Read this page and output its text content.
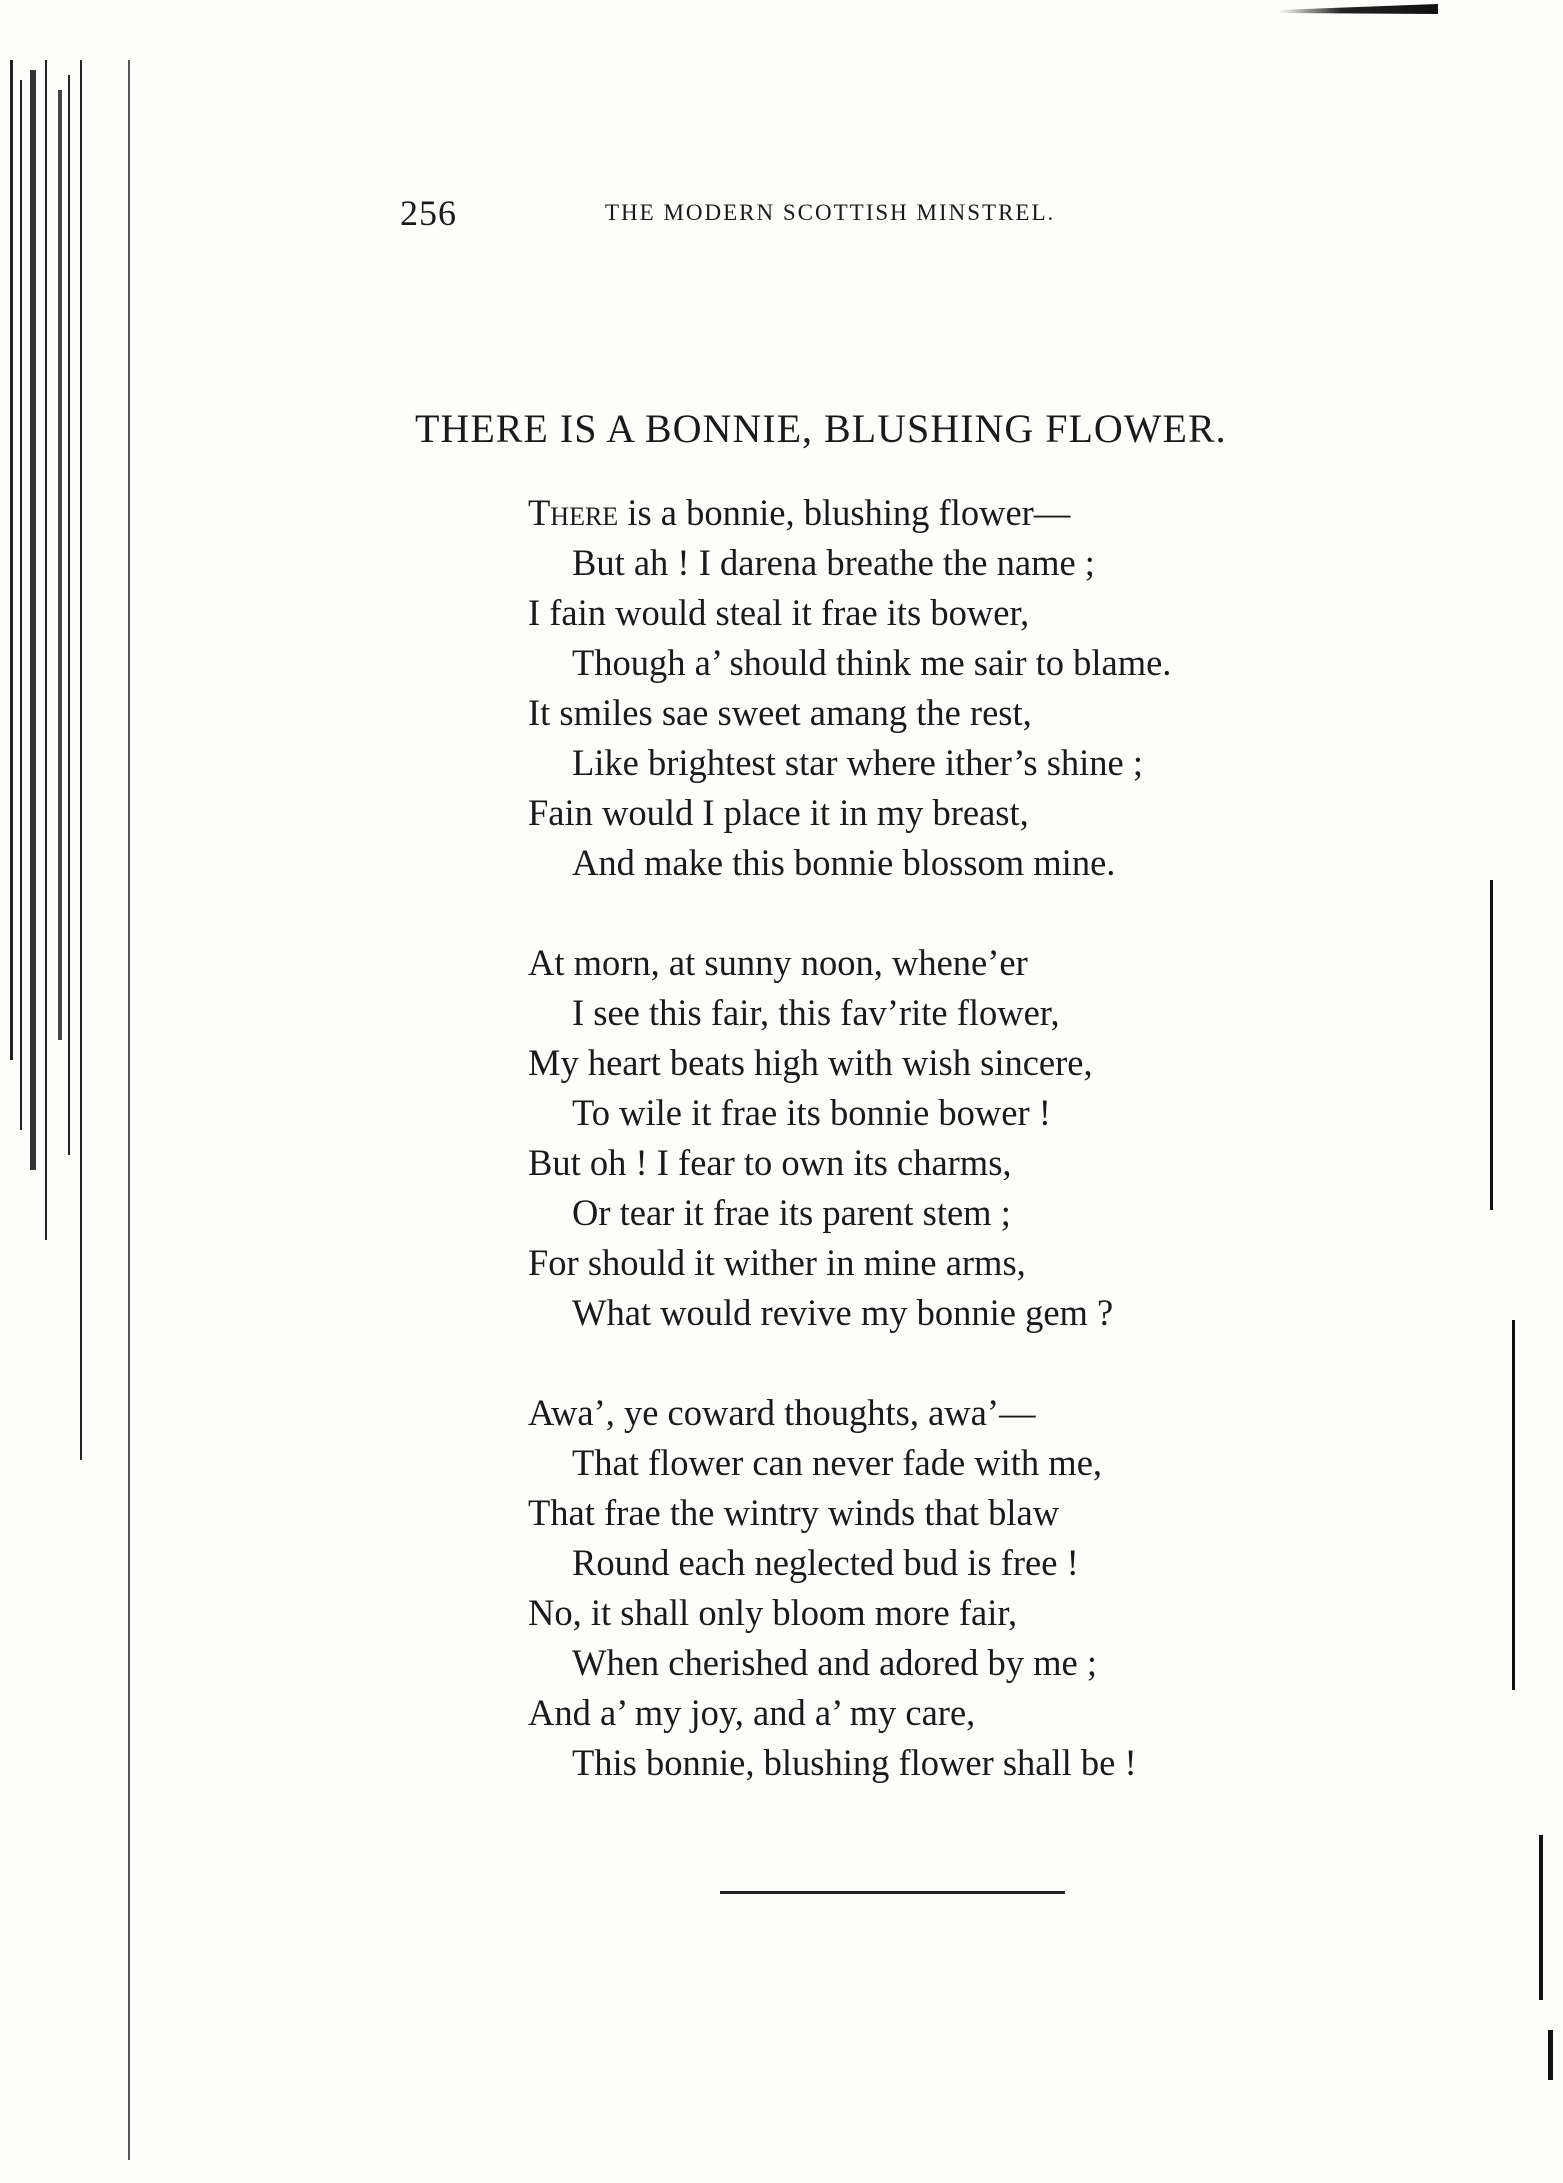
256	THE MODERN SCOTTISH MINSTREL.
THERE IS A BONNIE, BLUSHING FLOWER.
There is a bonnie, blushing flower—
But ah ! I darena breathe the name ;
I fain would steal it frae its bower,
Though a’ should think me sair to blame.
It smiles sae sweet amang the rest,
Like brightest star where ither’s shine ;
Fain would I place it in my breast,
And make this bonnie blossom mine.
At morn, at sunny noon, whene’er
I see this fair, this fav’rite flower,
My heart beats high with wish sincere,
To wile it frae its bonnie bower !
But oh ! I fear to own its charms,
Or tear it frae its parent stem ;
For should it wither in mine arms,
What would revive my bonnie gem ?
Awa’, ye coward thoughts, awa’—
That flower can never fade with me,
That frae the wintry winds that blaw
Round each neglected bud is free !
No, it shall only bloom more fair,
When cherished and adored by me ;
And a’ my joy, and a’ my care,
This bonnie, blushing flower shall be !
